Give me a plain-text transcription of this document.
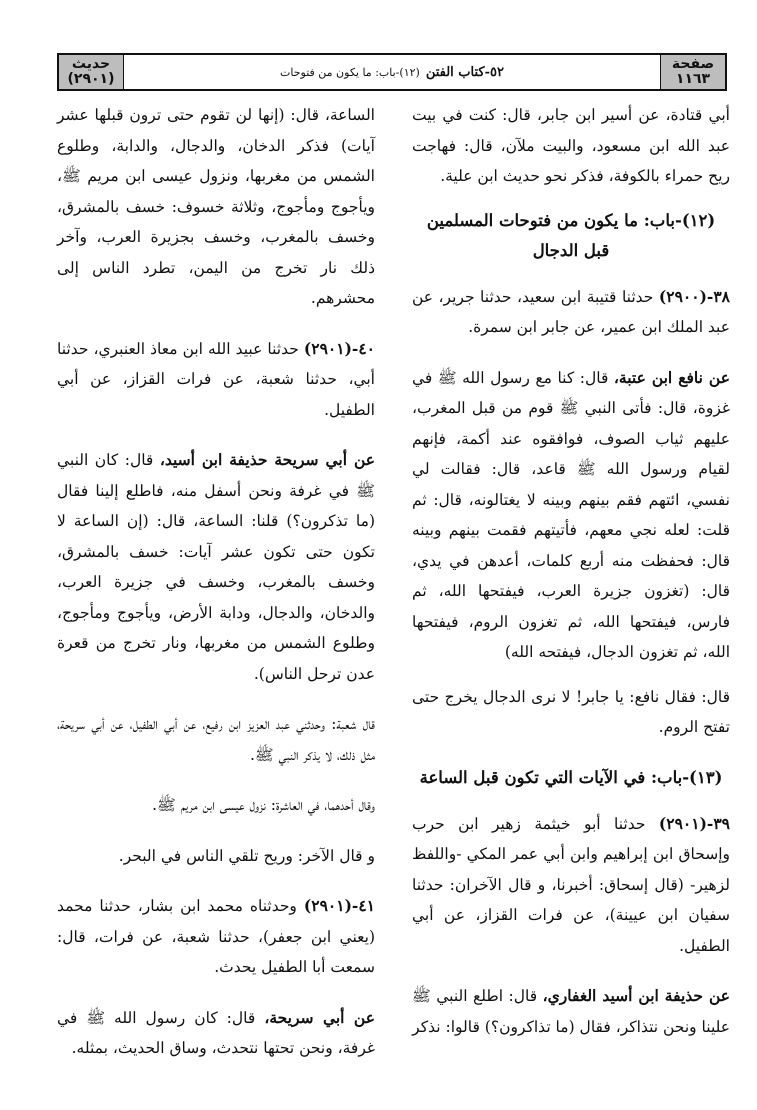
صفحة
١١٦٣
٥٢-كتاب الفتن
(١٢)-باب: ما يكون من فتوحات
حديث
(٢٩٠١)

أبي قتادة، عن أسير ابن جابر، قال: كنت في بيت عبد الله ابن مسعود، والبيت ملآن، قال: فهاجت ريح حمراء بالكوفة، فذكر نحو حديث ابن علية.

(١٢)-باب: ما يكون من فتوحات المسلمين قبل الدجال

٣٨-(٢٩٠٠) حدثنا قتيبة ابن سعيد، حدثنا جرير، عن عبد الملك ابن عمير، عن جابر ابن سمرة.

عن نافع ابن عتبة، قال: كنا مع رسول الله ﷺ في غزوة، قال: فأتى النبي ﷺ قوم من قبل المغرب، عليهم ثياب الصوف، فوافقوه عند أكمة، فإنهم لقيام ورسول الله ﷺ قاعد، قال: فقالت لي نفسي، ائتهم فقم بينهم وبينه لا يغتالونه، قال: ثم قلت: لعله نجي معهم، فأتيتهم فقمت بينهم وبينه قال: فحفظت منه أربع كلمات، أعدهن في يدي، قال: (تغزون جزيرة العرب، فيفتحها الله، ثم فارس، فيفتحها الله، ثم تغزون الروم، فيفتحها الله، ثم تغزون الدجال، فيفتحه الله)

قال: فقال نافع: يا جابر! لا نرى الدجال يخرج حتى تفتح الروم.

(١٣)-باب: في الآيات التي تكون قبل الساعة

٣٩-(٢٩٠١) حدثنا أبو خيثمة زهير ابن حرب وإسحاق ابن إبراهيم وابن أبي عمر المكي -واللفظ لزهير- (قال إسحاق: أخبرنا، و قال الآخران: حدثنا سفيان ابن عيينة)، عن فرات القزاز، عن أبي الطفيل.

عن حذيفة ابن أسيد الغفاري، قال: اطلع النبي ﷺ علينا ونحن نتذاكر، فقال (ما تذاكرون؟) قالوا: نذكر

الساعة، قال: (إنها لن تقوم حتى ترون قبلها عشر آيات) فذكر الدخان، والدجال، والدابة، وطلوع الشمس من مغربها، ونزول عيسى ابن مريم ﷺ، ويأجوج ومأجوج، وثلاثة خسوف: خسف بالمشرق، وخسف بالمغرب، وخسف بجزيرة العرب، وآخر ذلك نار تخرج من اليمن، تطرد الناس إلى محشرهم.

٤٠-(٢٩٠١) حدثنا عبيد الله ابن معاذ العنبري، حدثنا أبي، حدثنا شعبة، عن فرات القزاز، عن أبي الطفيل.

عن أبي سريحة حذيفة ابن أسيد، قال: كان النبي ﷺ في غرفة ونحن أسفل منه، فاطلع إلينا فقال (ما تذكرون؟) قلنا: الساعة، قال: (إن الساعة لا تكون حتى تكون عشر آيات: خسف بالمشرق، وخسف بالمغرب، وخسف في جزيرة العرب، والدخان، والدجال، ودابة الأرض، ويأجوج ومأجوج، وطلوع الشمس من مغربها، ونار تخرج من قعرة عدن ترحل الناس).

قال شعبة: وحدثني عبد العزيز ابن رفيع، عن أبي الطفيل، عن أبي سريحة، مثل ذلك، لا يذكر النبي ﷺ.

وقال أحدهما، في العاشرة: نزول عيسى ابن مريم ﷺ.

و قال الآخر: وريح تلقي الناس في البحر.

٤١-(٢٩٠١) وحدثناه محمد ابن بشار، حدثنا محمد (يعني ابن جعفر)، حدثنا شعبة، عن فرات، قال: سمعت أبا الطفيل يحدث.

عن أبي سريحة، قال: كان رسول الله ﷺ في غرفة، ونحن تحتها نتحدث، وساق الحديث، بمثله.
